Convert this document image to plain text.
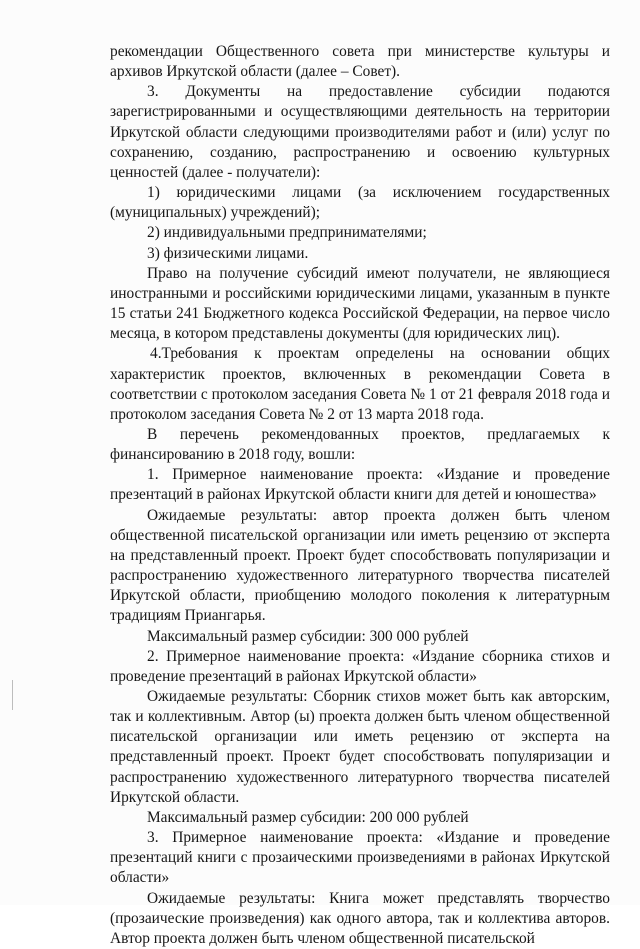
рекомендации Общественного совета при министерстве культуры и архивов Иркутской области (далее – Совет).

3. Документы на предоставление субсидии подаются зарегистрированными и осуществляющими деятельность на территории Иркутской области следующими производителями работ и (или) услуг по сохранению, созданию, распространению и освоению культурных ценностей (далее - получатели):

1) юридическими лицами (за исключением государственных (муниципальных) учреждений);

2) индивидуальными предпринимателями;

3) физическими лицами.

Право на получение субсидий имеют получатели, не являющиеся иностранными и российскими юридическими лицами, указанным в пункте 15 статьи 241 Бюджетного кодекса Российской Федерации, на первое число месяца, в котором представлены документы (для юридических лиц).

4.Требования к проектам определены на основании общих характеристик проектов, включенных в рекомендации Совета в соответствии с протоколом заседания Совета № 1 от 21 февраля 2018 года и протоколом заседания Совета № 2 от 13 марта 2018 года.

В перечень рекомендованных проектов, предлагаемых к финансированию в 2018 году, вошли:

1. Примерное наименование проекта: «Издание и проведение презентаций в районах Иркутской области книги для детей и юношества»

Ожидаемые результаты: автор проекта должен быть членом общественной писательской организации или иметь рецензию от эксперта на представленный проект. Проект будет способствовать популяризации и распространению художественного литературного творчества писателей Иркутской области, приобщению молодого поколения к литературным традициям Приангарья.

Максимальный размер субсидии: 300 000 рублей

2. Примерное наименование проекта: «Издание сборника стихов и проведение презентаций в районах Иркутской области»

Ожидаемые результаты: Сборник стихов может быть как авторским, так и коллективным. Автор (ы) проекта должен быть членом общественной писательской организации или иметь рецензию от эксперта на представленный проект. Проект будет способствовать популяризации и распространению художественного литературного творчества писателей Иркутской области.

Максимальный размер субсидии: 200 000 рублей

3. Примерное наименование проекта: «Издание и проведение презентаций книги с прозаическими произведениями в районах Иркутской области»

Ожидаемые результаты: Книга может представлять творчество (прозаические произведения) как одного автора, так и коллектива авторов. Автор проекта должен быть членом общественной писательской
